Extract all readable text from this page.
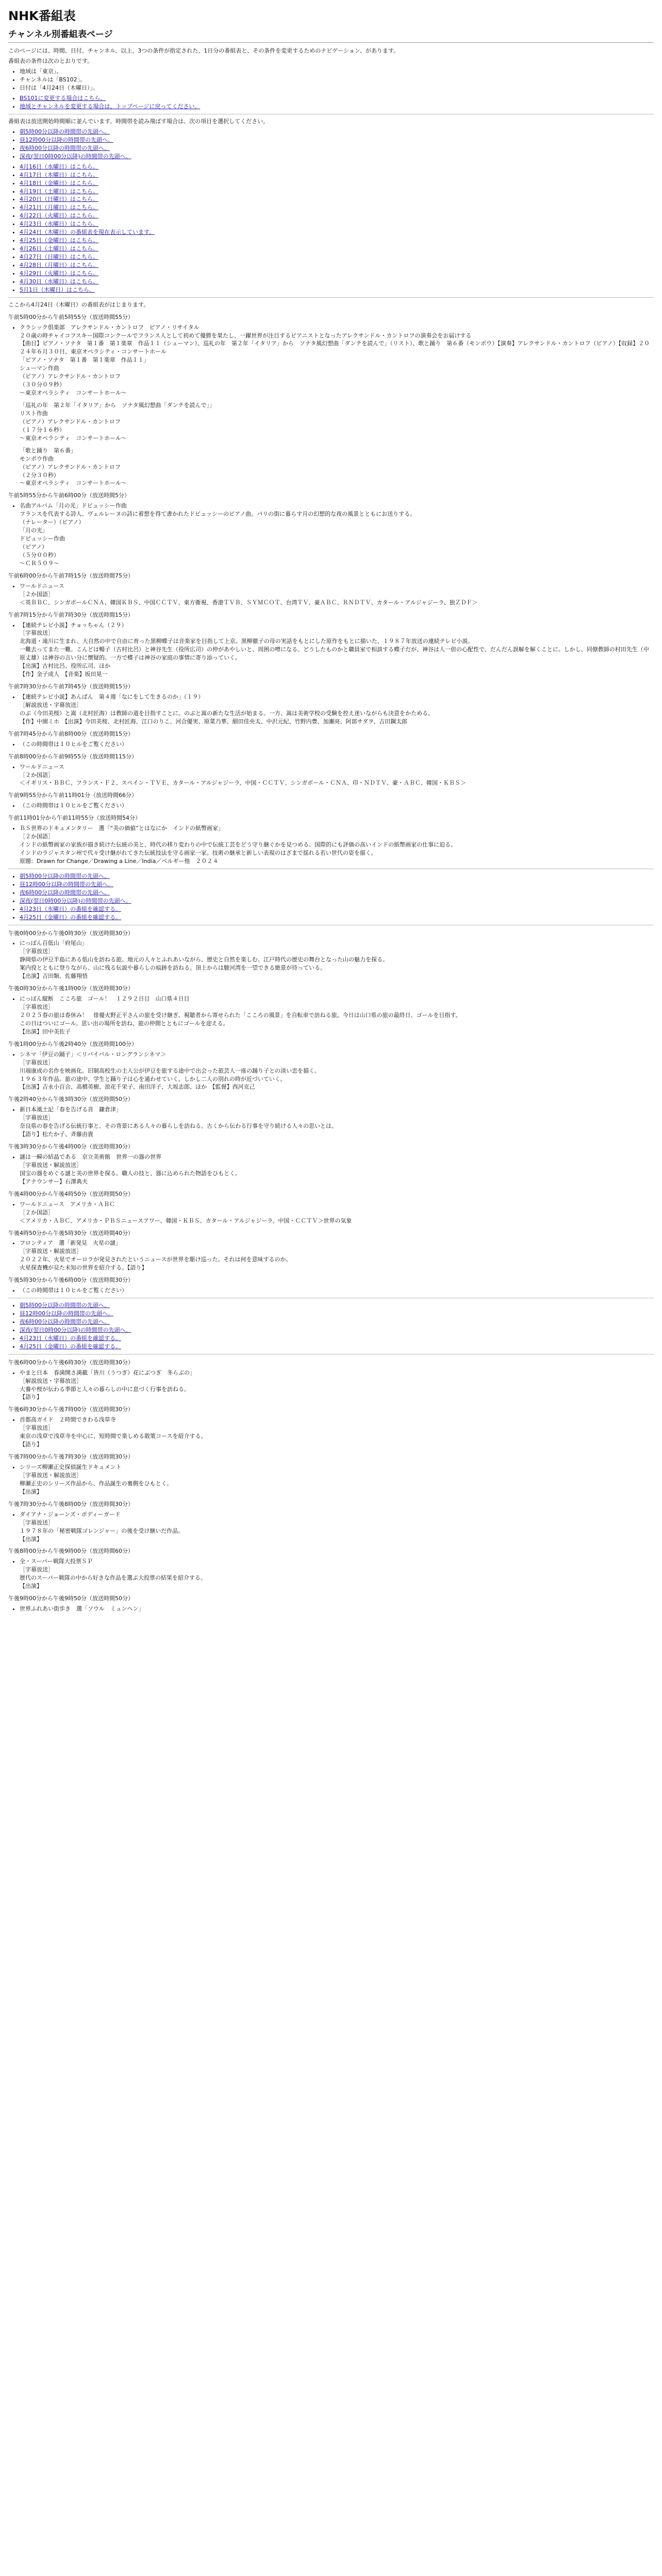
NHK番組表
チャンネル別番組表ページ

このページには、時間、日付、チャンネル、以上、3つの条件が指定された、1日分の番組表と、その条件を変更するためのナビゲーション、があります。

番組表の条件は次のとおりです。

• 地域は「東京」。
• チャンネルは「BS102」。
• 日付は「4月24日（木曜日）」。
• BS101に変更する場合はこちら。
• 地域とチャンネルを変更する場合は、トップページに戻ってください。

番組表は放送開始時間順に並んでいます。時間帯を読み飛ばす場合は、次の項目を選択してください。

• 朝5時00分以降の時間帯の先頭へ。
• 昼12時00分以降の時間帯の先頭へ。
• 夜6時00分以降の時間帯の先頭へ。
• 深夜(翌日0時00分以降)の時間帯の先頭へ。
• 4月16日（水曜日）はこちら。
• 4月17日（木曜日）はこちら。
• 4月18日（金曜日）はこちら。
• 4月19日（土曜日）はこちら。
• 4月20日（日曜日）はこちら。
• 4月21日（月曜日）はこちら。
• 4月22日（火曜日）はこちら。
• 4月23日（水曜日）はこちら。
• 4月24日（木曜日）の番組表を現在表示しています。
• 4月25日（金曜日）はこちら。
• 4月26日（土曜日）はこちら。
• 4月27日（日曜日）はこちら。
• 4月28日（月曜日）はこちら。
• 4月29日（火曜日）はこちら。
• 4月30日（水曜日）はこちら。
• 5月1日（木曜日）はこちら。

ここから4月24日（木曜日）の番組表がはじまります。

午前5時00分から午前5時55分（放送時間55分）

• クラシック倶楽部　アレクサンドル・カントロフ　ピアノ・リサイタル
２０歳の時チャイコフスキー国際コンクールでフランス人として初めて優勝を果たし、一躍世界が注目するピアニストとなったアレクサンドル・カントロフの演奏会をお届けする
【曲目】ピアノ・ソナタ　第１番　第１楽章　作品１１（シューマン）、巡礼の年　第２年「イタリア」から　ソナタ風幻想曲「ダンテを読んで」（リスト）、歌と踊り　第６番（モンポウ）【演奏】アレクサンドル・カントロフ（ピアノ）【収録】２０２４年６月３０日、東京オペラシティ・コンサートホール
「ピアノ・ソナタ　第１番　第１楽章　作品１１」
シューマン作曲
（ピアノ）アレクサンドル・カントロフ
（３０分０９秒）
～東京オペラシティ　コンサートホール～
「巡礼の年　第２年「イタリア」から　ソナタ風幻想曲「ダンテを読んで」」
リスト作曲
（ピアノ）アレクサンドル・カントロフ
（１７分１６秒）
～東京オペラシティ　コンサートホール～
「歌と踊り　第６番」
モンポウ作曲
（ピアノ）アレクサンドル・カントロフ
（２分３０秒）
～東京オペラシティ　コンサートホール～

午前5時55分から午前6時00分（放送時間5分）

• 名曲アルバム「月の光」ドビュッシー作曲
フランスを代表する詩人、ヴェルレーヌの詩に着想を得て書かれたドビュッシーのピアノ曲。パリの街に暮らす月の幻想的な夜の風景とともにお送りする。
（ナレーター）（ピアノ）
「月の光」
ドビュッシー作曲
（ピアノ）
（５分００秒）
～ＣＲ５０９～

午前6時00分から午前7時15分（放送時間75分）

• ワールドニュース
［２か国語］
＜英ＢＢＣ、シンガポールＣＮＡ、韓国ＫＢＳ、中国ＣＣＴＶ、東方衛視、香港ＴＶＢ、ＳＹＭＣＯＴ、台湾ＴＶ、豪ＡＢＣ、ＲＮＤＴＶ、カタール・アルジャジーラ、独ＺＤＦ＞

午前7時15分から午前7時30分（放送時間15分）

• 【連続テレビ小説】チョッちゃん（２９）
［字幕放送］
北海道・滝川に生まれ、大自然の中で自由に育った黒柳蝶子は音楽家を目指して上京。黒柳徹子の母の実話をもとにした原作をもとに描いた、１９８７年放送の連続テレビ小説。
一難去ってまた一難。こんどは暢子（古村比呂）と神谷先生（役所広司）の仲があやしいと、周囲の噂になる。どうしたものかと職員室で相談する蝶子だが、神谷は人一倍の心配性で、だんだん誤解を解くことに。しかし、同僚教師の村田先生（中原丈雄）は神谷の言い分に懐疑的。一方で蝶子は神谷の家庭の事情に寄り添っていく。
【出演】古村比呂、役所広司、ほか
【作】金子成人　【音楽】坂田晃一

午前7時30分から午前7時45分（放送時間15分）

• 【連続テレビ小説】あんぱん　第４週「なにをして生きるのか」（１９）
［解説放送・字幕放送］
のぶ（今田美桜）と嵩（北村匠海）は教師の道を目指すことに。のぶと嵩の新たな生活が始まる。一方、嵩は美術学校の受験を控え迷いながらも決意をかためる。
【作】中園ミホ　【出演】今田美桜、北村匠海、江口のりこ、河合優実、原菜乃華、細田佳央太、中沢元紀、竹野内豊、加瀬亮、阿部サダヲ、吉田鋼太郎

午前7時45分から午前8時00分（放送時間15分）

• （この時間帯は１０ヒルをご覧ください）

午前8時00分から午前9時55分（放送時間115分）

• ワールドニュース
［２か国語］
＜イギリス・ＢＢＣ、フランス・Ｆ２、スペイン・ＴＶＥ、カタール・アルジャジーラ、中国・ＣＣＴＶ、シンガポール・ＣＮＡ、印・ＮＤＴＶ、豪・ＡＢＣ、韓国・ＫＢＳ＞

午前9時55分から午前11時01分（放送時間66分）

• （この時間帯は１０ヒルをご覧ください）

午前11時01分から午前11時55分（放送時間54分）

• ＢＳ世界のドキュメンタリー　選「“美の価値”とはなにか　インドの紙幣画家」
［２か国語］
インドの紙幣画家の家族が描き続けた伝統の美と、時代の移り変わりの中で伝統工芸をどう守り継ぐかを見つめる。国際的にも評価の高いインドの紙幣画家の仕事に迫る。
インドのラジャスタン州で代々受け継がれてきた伝統技法を守る画家一家。技術の継承と新しい表現のはざまで揺れる若い世代の姿を描く。
原題：Drawn for Change／Drawing a Line／India／ベルギー他　２０２４
• 朝5時00分以降の時間帯の先頭へ。
• 昼12時00分以降の時間帯の先頭へ。
• 夜6時00分以降の時間帯の先頭へ。
• 深夜(翌日0時00分以降)の時間帯の先頭へ。
• 4月23日（水曜日）の番組を確認する。
• 4月25日（金曜日）の番組を確認する。

午後0時00分から午後0時30分（放送時間30分）

• にっぽん百低山「府尾山」
［字幕放送］
静岡県の伊豆半島にある低山を訪ねる旅。地元の人々とふれあいながら、歴史と自然を楽しむ。江戸時代の歴史の舞台となった山の魅力を探る。
案内役とともに登りながら、山に残る伝説や暮らしの痕跡を訪ねる。頂上からは駿河湾を一望できる絶景が待っている。
【出演】吉田類、佐藤翔悟

午後0時30分から午後1時00分（放送時間30分）

• にっぽん縦断　こころ旅　ゴール！　１２９２日目　山口県４日目
［字幕放送］
２０２５春の旅は春休み！　俳優火野正平さんの旅を受け継ぎ、視聴者から寄せられた「こころの風景」を自転車で訪ねる旅。今日は山口県の旅の最終日、ゴールを目指す。
この日はついにゴール。思い出の場所を訪ね、旅の仲間とともにゴールを迎える。
【出演】田中美佐子

午後1時00分から午後2時40分（放送時間100分）

• シネマ「伊豆の踊子」＜リバイバル・ロングランシネマ＞
［字幕放送］
川端康成の名作を映画化。旧制高校生の主人公が伊豆を旅する途中で出会った旅芸人一座の踊り子との淡い恋を描く。
１９６３年作品。旅の途中、学生と踊り子は心を通わせていく。しかし二人の別れの時が近づいていく。
【出演】吉永小百合、高橋英樹、浪花千栄子、南田洋子、大坂志郎、ほか　【監督】西河克己

午後2時40分から午後3時30分（放送時間50分）

• 新日本風土記「春を告げる音　鎌倉津」
［字幕放送］
奈良県の春を告げる伝統行事と、その背景にある人々の暮らしを訪ねる。古くから伝わる行事を守り続ける人々の思いとは。
【語り】松たか子、斉藤由貴

午後3時30分から午後4時00分（放送時間30分）

• 謎は一瞬の結晶である　京立美術館　世界一の器の世界
［字幕放送・解説放送］
国宝の器をめぐる謎と美の世界を探る。職人の技と、器に込められた物語をひもとく。
【アナウンサー】石澤典夫

午後4時00分から午後4時50分（放送時間50分）

• ワールドニュース　アメリカ・ＡＢＣ
［２か国語］
＜アメリカ・ＡＢＣ、アメリカ・ＰＢＳニュースアワー、韓国・ＫＢＳ、カタール・アルジャジーラ、中国・ＣＣＴＶ＞世界の気象

午後4時50分から午後5時30分（放送時間40分）

• フロンティア　選「新発見　火星の謎」
［字幕放送・解説放送］
２０２２年、火星でオーロラが発見されたというニュースが世界を駆け巡った。それは何を意味するのか。
火星探査機が見た未知の世界を紹介する。【語り】

午後5時30分から午後6時00分（放送時間30分）

• （この時間帯は１０ヒルをご覧ください）
• 朝5時00分以降の時間帯の先頭へ。
• 昼12時00分以降の時間帯の先頭へ。
• 夜6時00分以降の時間帯の先頭へ。
• 深夜(翌日0時00分以降)の時間帯の先頭へ。
• 4月23日（水曜日）の番組を確認する。
• 4月25日（金曜日）の番組を確認する。

午後6時00分から午後6時30分（放送時間30分）

• やまと日本　春満開さ満載「皆川（うつぎ）花にぶつぎ　冬らぶの」
［解説放送・字幕放送］
大養や桜が伝わる季節と人々の暮らしの中に息づく行事を訪ねる。
【語り】

午後6時30分から午後7時00分（放送時間30分）

• 首都高ガイド　２時間できわる浅草寺
［字幕放送］
東京の浅草で浅草寺を中心に、短時間で楽しめる散策コースを紹介する。
【語り】

午後7時00分から午後7時30分（放送時間30分）

• シリーズ柳瀬正史探偵誕生ドキュメント
［字幕放送・解説放送］
柳瀬正史のシリーズ作品から、作品誕生の裏側をひもとく。
【出演】

午後7時30分から午後8時00分（放送時間30分）

• ダイアナ・ジョーンズ・ボディーガード
［字幕放送］
１９７８年の「秘密戦隊ゴレンジャー」の後を受け継いだ作品。
【出演】

午後8時00分から午後9時00分（放送時間60分）

• 全・スーパー戦隊大投票ＳＰ
［字幕放送］
歴代のスーパー戦隊の中から好きな作品を選ぶ大投票の結果を紹介する。
【出演】

午後9時00分から午後9時50分（放送時間50分）

• 世界ふれあい街歩き　選「ソウル　ミュンヘン」
